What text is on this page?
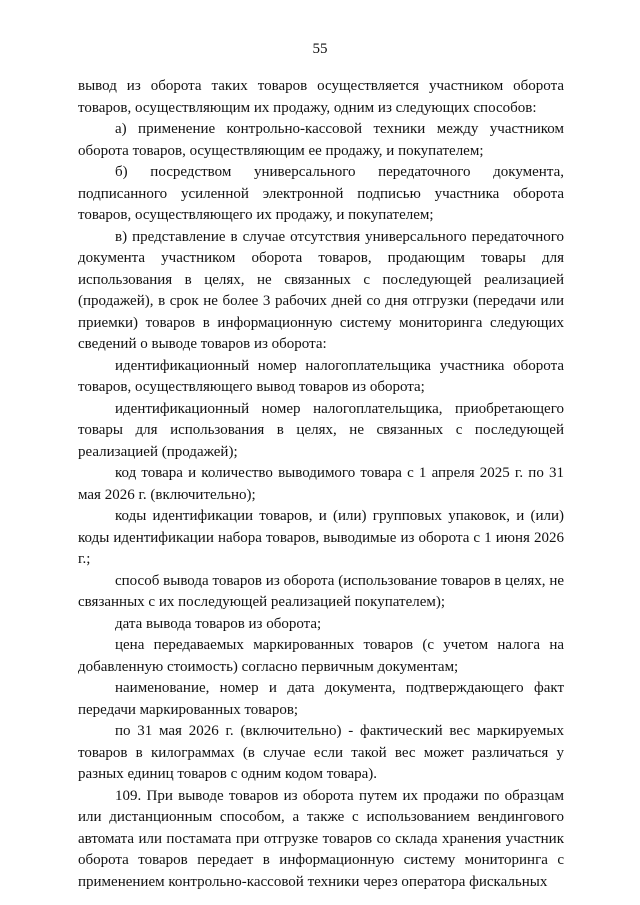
55

вывод из оборота таких товаров осуществляется участником оборота товаров, осуществляющим их продажу, одним из следующих способов:

а) применение контрольно-кассовой техники между участником оборота товаров, осуществляющим ее продажу, и покупателем;

б) посредством универсального передаточного документа, подписанного усиленной электронной подписью участника оборота товаров, осуществляющего их продажу, и покупателем;

в) представление в случае отсутствия универсального передаточного документа участником оборота товаров, продающим товары для использования в целях, не связанных с последующей реализацией (продажей), в срок не более 3 рабочих дней со дня отгрузки (передачи или приемки) товаров в информационную систему мониторинга следующих сведений о выводе товаров из оборота:

идентификационный номер налогоплательщика участника оборота товаров, осуществляющего вывод товаров из оборота;

идентификационный номер налогоплательщика, приобретающего товары для использования в целях, не связанных с последующей реализацией (продажей);

код товара и количество выводимого товара с 1 апреля 2025 г. по 31 мая 2026 г. (включительно);

коды идентификации товаров, и (или) групповых упаковок, и (или) коды идентификации набора товаров, выводимые из оборота с 1 июня 2026 г.;

способ вывода товаров из оборота (использование товаров в целях, не связанных с их последующей реализацией покупателем);

дата вывода товаров из оборота;

цена передаваемых маркированных товаров (с учетом налога на добавленную стоимость) согласно первичным документам;

наименование, номер и дата документа, подтверждающего факт передачи маркированных товаров;

по 31 мая 2026 г. (включительно) - фактический вес маркируемых товаров в килограммах (в случае если такой вес может различаться у разных единиц товаров с одним кодом товара).

109. При выводе товаров из оборота путем их продажи по образцам или дистанционным способом, а также с использованием вендингового автомата или постамата при отгрузке товаров со склада хранения участник оборота товаров передает в информационную систему мониторинга с применением контрольно-кассовой техники через оператора фискальных
